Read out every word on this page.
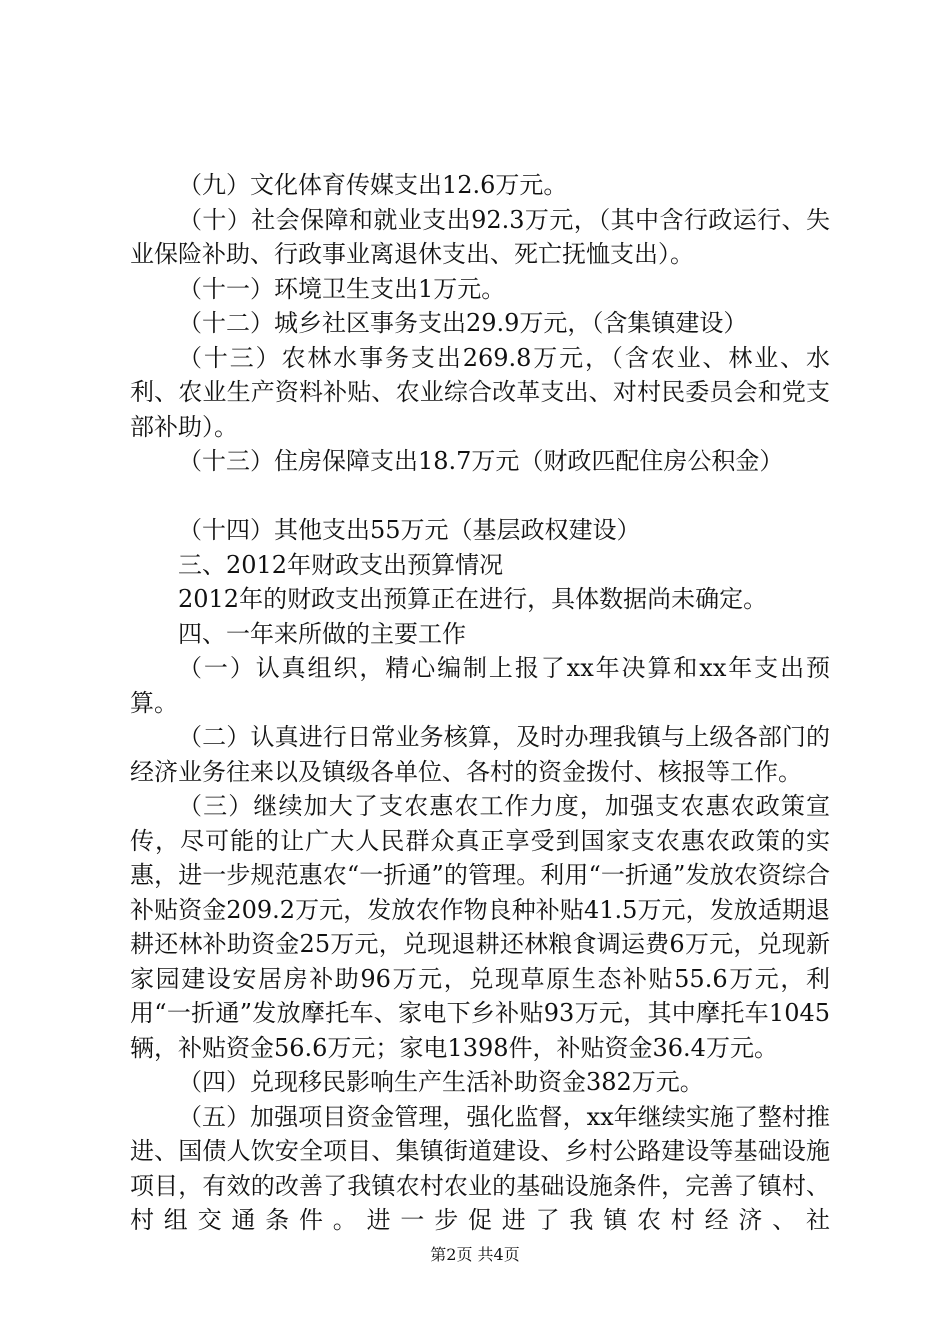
（九）文化体育传媒支出12.6万元。

（十）社会保障和就业支出92.3万元，（其中含行政运行、失业保险补助、行政事业离退休支出、死亡抚恤支出）。

（十一）环境卫生支出1万元。

（十二）城乡社区事务支出29.9万元，（含集镇建设）

（十三）农林水事务支出269.8万元，（含农业、林业、水利、农业生产资料补贴、农业综合改革支出、对村民委员会和党支部补助）。

（十三）住房保障支出18.7万元（财政匹配住房公积金）

（十四）其他支出55万元（基层政权建设）

三、2012年财政支出预算情况

2012年的财政支出预算正在进行，具体数据尚未确定。

四、一年来所做的主要工作

（一）认真组织，精心编制上报了xx年决算和xx年支出预算。

（二）认真进行日常业务核算，及时办理我镇与上级各部门的经济业务往来以及镇级各单位、各村的资金拨付、核报等工作。

（三）继续加大了支农惠农工作力度，加强支农惠农政策宣传，尽可能的让广大人民群众真正享受到国家支农惠农政策的实惠，进一步规范惠农“一折通”的管理。利用“一折通”发放农资综合补贴资金209.2万元，发放农作物良种补贴41.5万元，发放适期退耕还林补助资金25万元，兑现退耕还林粮食调运费6万元，兑现新家园建设安居房补助96万元，兑现草原生态补贴55.6万元，利用“一折通”发放摩托车、家电下乡补贴93万元，其中摩托车1045辆，补贴资金56.6万元；家电1398件，补贴资金36.4万元。

（四）兑现移民影响生产生活补助资金382万元。

（五）加强项目资金管理，强化监督，xx年继续实施了整村推进、国债人饮安全项目、集镇街道建设、乡村公路建设等基础设施项目，有效的改善了我镇农村农业的基础设施条件，完善了镇村、村组交通条件。进一步促进了我镇农村经济、社

第2页 共4页
